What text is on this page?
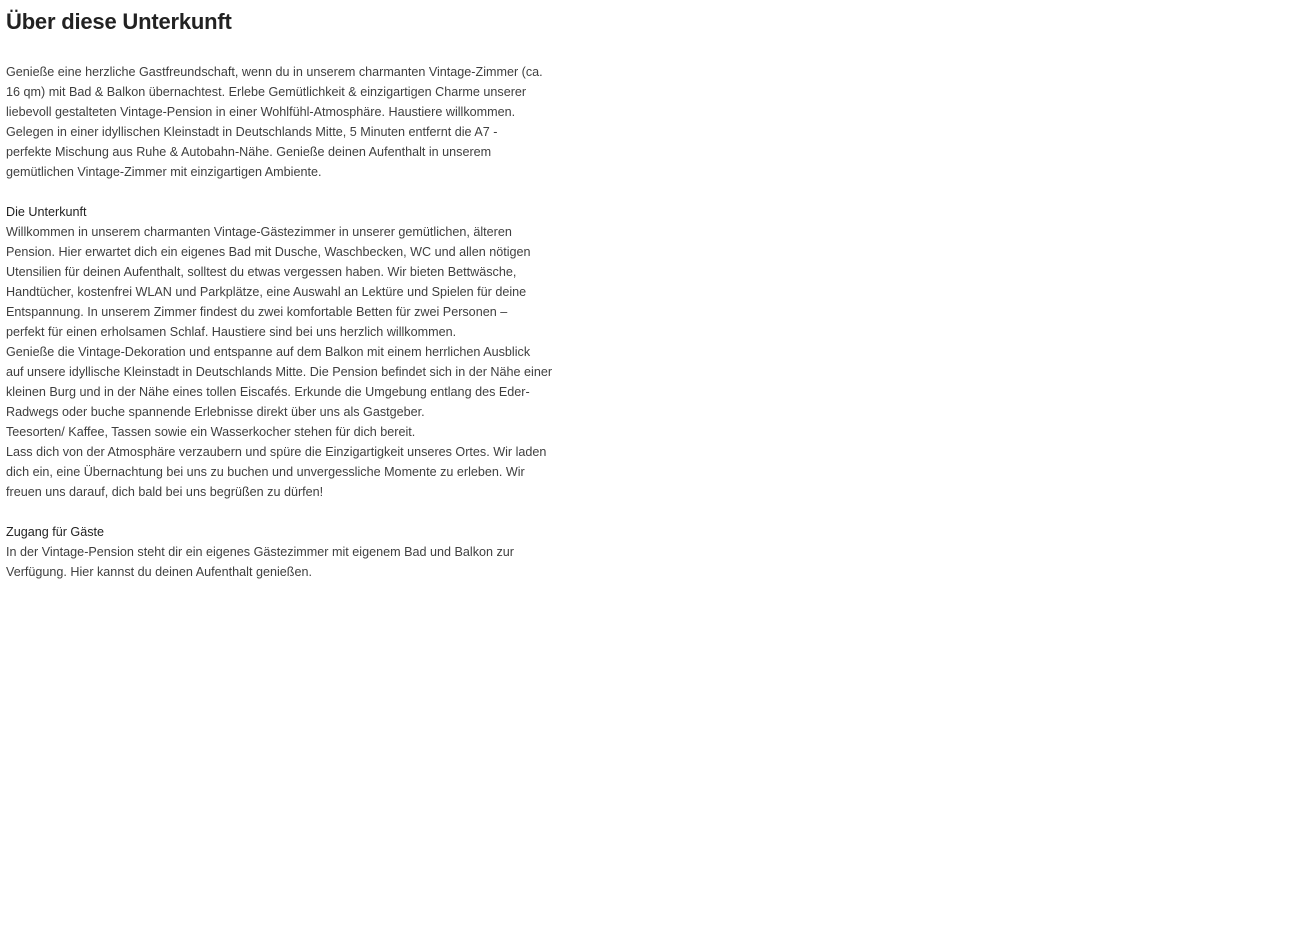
Über diese Unterkunft
Genieße eine herzliche Gastfreundschaft, wenn du in unserem charmanten Vintage-Zimmer (ca.
16 qm) mit Bad & Balkon übernachtest. Erlebe Gemütlichkeit & einzigartigen Charme unserer
liebevoll gestalteten Vintage-Pension in einer Wohlfühl-Atmosphäre. Haustiere willkommen.
Gelegen in einer idyllischen Kleinstadt in Deutschlands Mitte, 5 Minuten entfernt die A7 -
perfekte Mischung aus Ruhe & Autobahn-Nähe. Genieße deinen Aufenthalt in unserem
gemütlichen Vintage-Zimmer mit einzigartigen Ambiente.
Die Unterkunft
Willkommen in unserem charmanten Vintage-Gästezimmer in unserer gemütlichen, älteren
Pension. Hier erwartet dich ein eigenes Bad mit Dusche, Waschbecken, WC und allen nötigen
Utensilien für deinen Aufenthalt, solltest du etwas vergessen haben. Wir bieten Bettwäsche,
Handtücher, kostenfrei WLAN und Parkplätze, eine Auswahl an Lektüre und Spielen für deine
Entspannung. In unserem Zimmer findest du zwei komfortable Betten für zwei Personen –
perfekt für einen erholsamen Schlaf. Haustiere sind bei uns herzlich willkommen.
Genieße die Vintage-Dekoration und entspanne auf dem Balkon mit einem herrlichen Ausblick
auf unsere idyllische Kleinstadt in Deutschlands Mitte. Die Pension befindet sich in der Nähe einer
kleinen Burg und in der Nähe eines tollen Eiscafés. Erkunde die Umgebung entlang des Eder-
Radwegs oder buche spannende Erlebnisse direkt über uns als Gastgeber.
Teesorten/ Kaffee, Tassen sowie ein Wasserkocher stehen für dich bereit.
Lass dich von der Atmosphäre verzaubern und spüre die Einzigartigkeit unseres Ortes. Wir laden
dich ein, eine Übernachtung bei uns zu buchen und unvergessliche Momente zu erleben. Wir
freuen uns darauf, dich bald bei uns begrüßen zu dürfen!
Zugang für Gäste
In der Vintage-Pension steht dir ein eigenes Gästezimmer mit eigenem Bad und Balkon zur
Verfügung. Hier kannst du deinen Aufenthalt genießen.
